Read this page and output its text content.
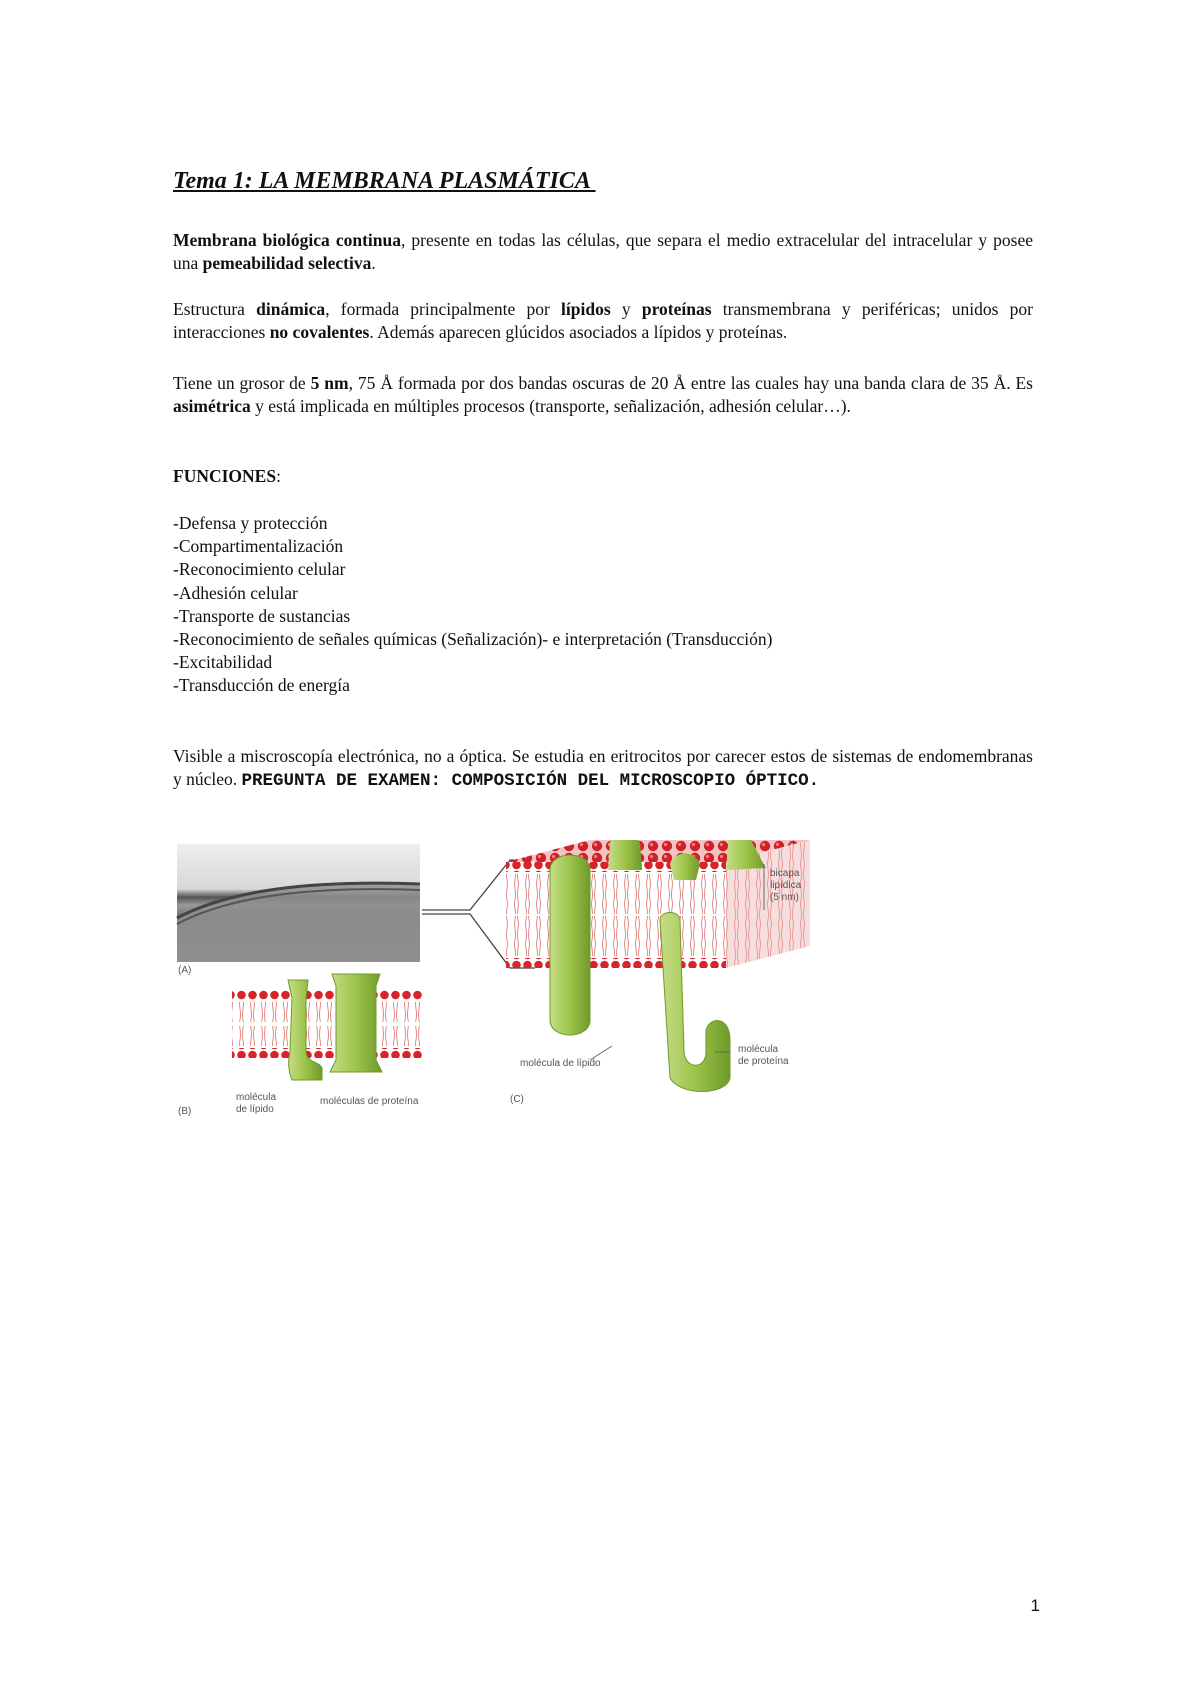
Tema 1: LA MEMBRANA PLASMÁTICA

Membrana biológica continua, presente en todas las células, que separa el medio extracelular del intracelular y posee una pemeabilidad selectiva.

Estructura dinámica, formada principalmente por lípidos y proteínas transmembrana y periféricas; unidos por interacciones no covalentes. Además aparecen glúcidos asociados a lípidos y proteínas.

Tiene un grosor de 5 nm, 75 Å formada por dos bandas oscuras de 20 Å entre las cuales hay una banda clara de 35 Å. Es asimétrica y está implicada en múltiples procesos (transporte, señalización, adhesión celular…).

FUNCIONES:

-Defensa y protección
-Compartimentalización
-Reconocimiento celular
-Adhesión celular
-Transporte de sustancias
-Reconocimiento de señales químicas (Señalización)- e interpretación (Transducción)
-Excitabilidad
-Transducción de energía

Visible a miscroscopía electrónica, no a óptica. Se estudia en eritrocitos por carecer estos de sistemas de endomembranas y núcleo. PREGUNTA DE EXAMEN: COMPOSICIÓN DEL MICROSCOPIO ÓPTICO.

(A)
molécula
de lípido
moléculas de proteína
(B)
bicapa
lipídica
(5 nm)
molécula de lípido
molécula
de proteína
(C)
1
